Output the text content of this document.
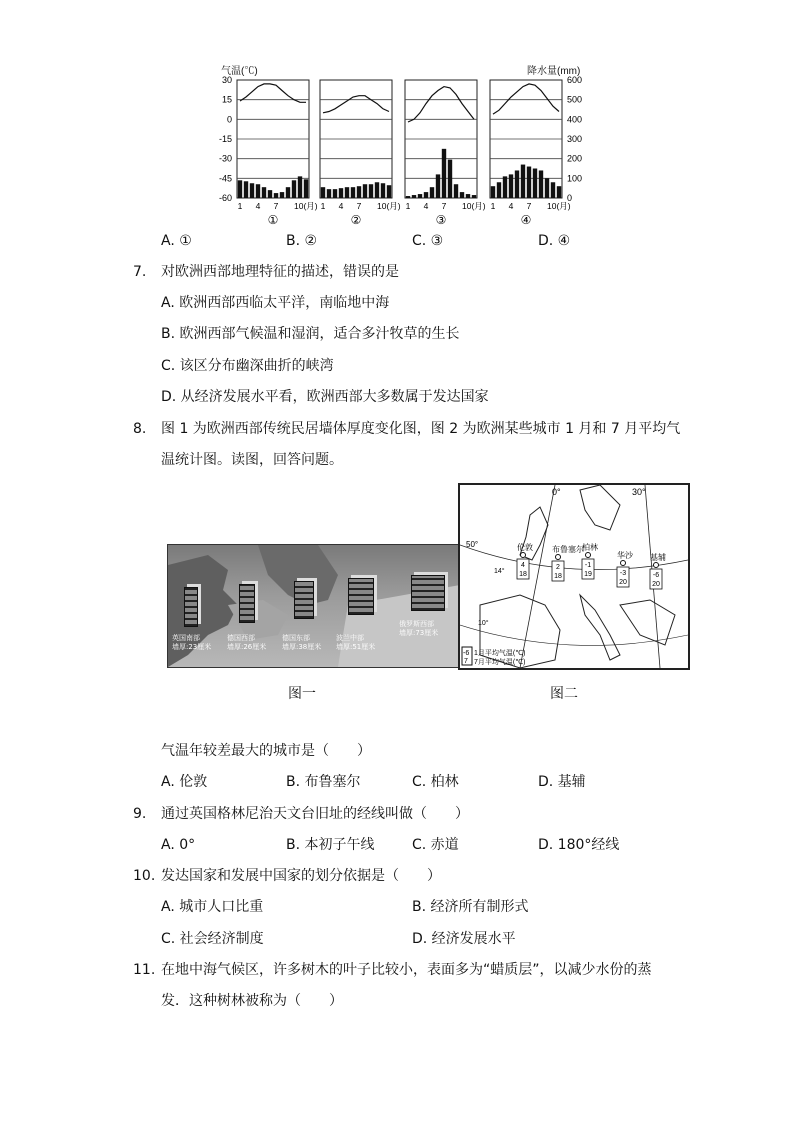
气温(℃)	降水量(mm)
30
15
0
-15
-30
-45
-60
600
500
400
300
200
100
0
1 4 7 10(月)
①
1 4 7 10(月)
②
1 4 7 10(月)
③
1 4 7 10(月)
④
A. ①	B. ②	C. ③	D. ④
7. 对欧洲西部地理特征的描述，错误的是
A. 欧洲西部西临太平洋，南临地中海
B. 欧洲西部气候温和湿润，适合多汁牧草的生长
C. 该区分布幽深曲折的峡湾
D. 从经济发展水平看，欧洲西部大多数属于发达国家
8. 图 1 为欧洲西部传统民居墙体厚度变化图，图 2 为欧洲某些城市 1 月和 7 月平均气
温统计图。读图，回答问题。
英国南部
墙厚:23厘米
德国西部
墙厚:26厘米
德国东部
墙厚:38厘米
波兰中部
墙厚:51厘米
俄罗斯西部
墙厚:73厘米
0°	30°
50°
14°
10°
伦敦
4
18
布鲁塞尔
2
18
柏林
-1
19
华沙
-3
20
基辅
-6
20
-6
7
1月平均气温(℃)
7月平均气温(℃)
图一	图二
气温年较差最大的城市是（　　）
A. 伦敦	B. 布鲁塞尔	C. 柏林	D. 基辅
9. 通过英国格林尼治天文台旧址的经线叫做（　　）
A. 0°	B. 本初子午线	C. 赤道	D. 180°经线
10. 发达国家和发展中国家的划分依据是（　　）
A. 城市人口比重	B. 经济所有制形式
C. 社会经济制度	D. 经济发展水平
11. 在地中海气候区，许多树木的叶子比较小，表面多为“蜡质层”，以减少水份的蒸
发．这种树林被称为（　　）
